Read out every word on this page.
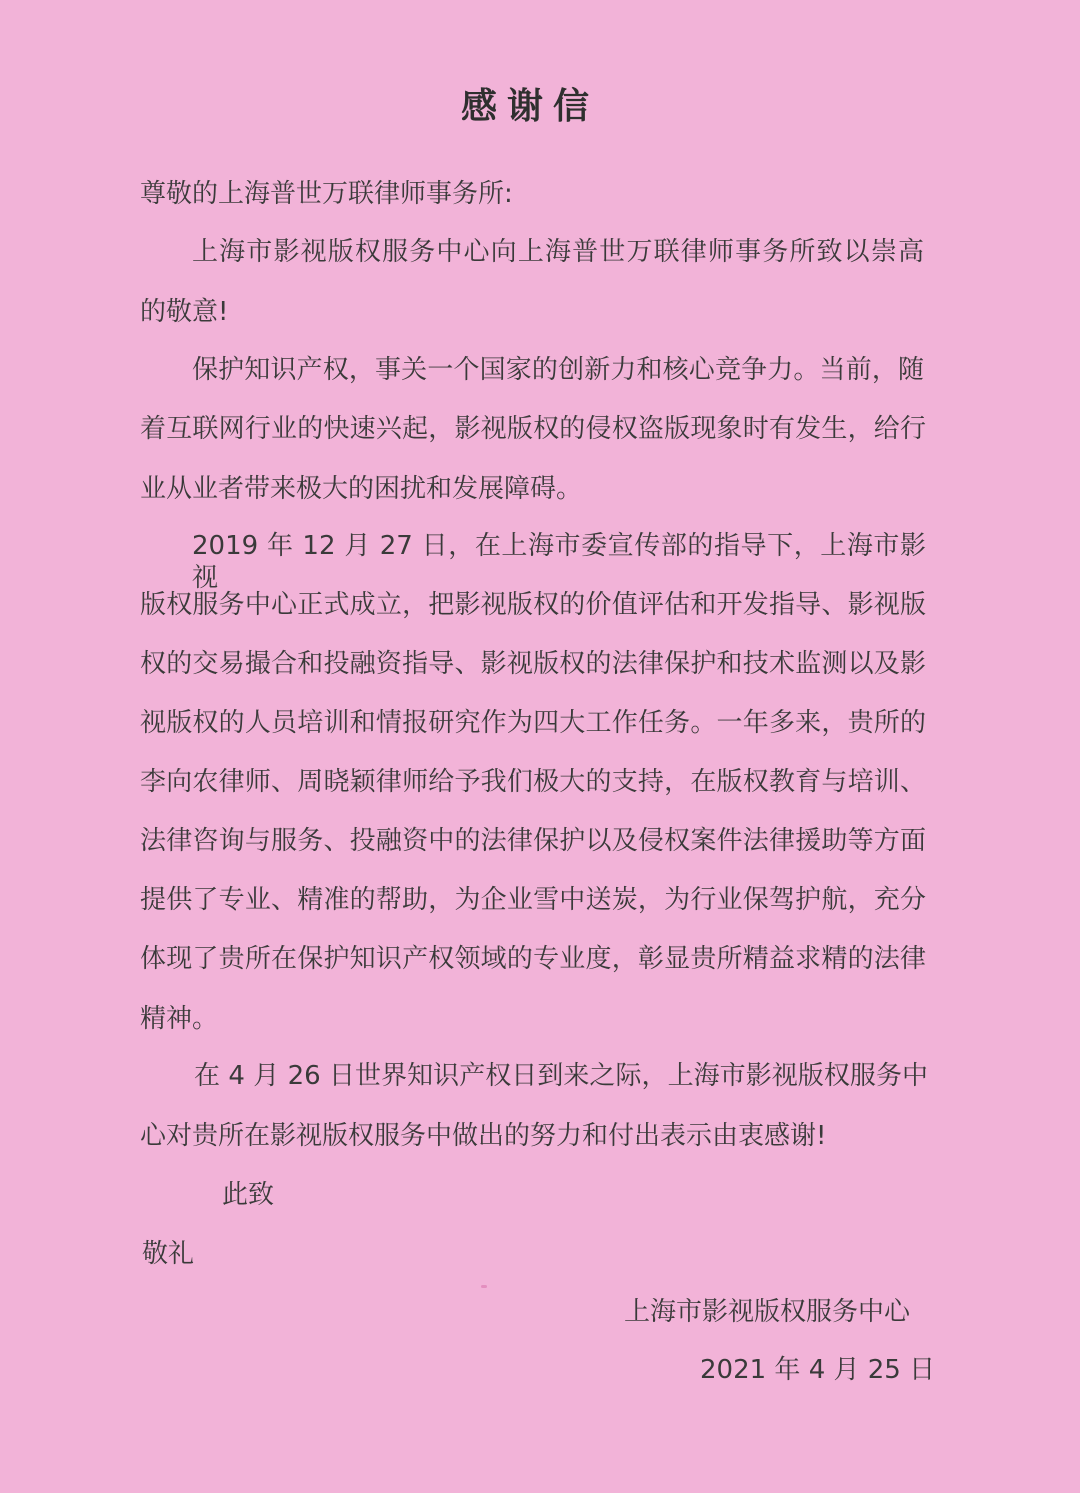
感谢信
尊敬的上海普世万联律师事务所:
上海市影视版权服务中心向上海普世万联律师事务所致以崇高
的敬意!
保护知识产权，事关一个国家的创新力和核心竞争力。当前，随
着互联网行业的快速兴起，影视版权的侵权盗版现象时有发生，给行
业从业者带来极大的困扰和发展障碍。
2019 年 12 月 27 日，在上海市委宣传部的指导下，上海市影视
版权服务中心正式成立，把影视版权的价值评估和开发指导、影视版
权的交易撮合和投融资指导、影视版权的法律保护和技术监测以及影
视版权的人员培训和情报研究作为四大工作任务。一年多来，贵所的
李向农律师、周晓颖律师给予我们极大的支持，在版权教育与培训、
法律咨询与服务、投融资中的法律保护以及侵权案件法律援助等方面
提供了专业、精准的帮助，为企业雪中送炭，为行业保驾护航，充分
体现了贵所在保护知识产权领域的专业度，彰显贵所精益求精的法律
精神。
在 4 月 26 日世界知识产权日到来之际，上海市影视版权服务中
心对贵所在影视版权服务中做出的努力和付出表示由衷感谢!
此致
敬礼
上海市影视版权服务中心
2021 年 4 月 25 日
